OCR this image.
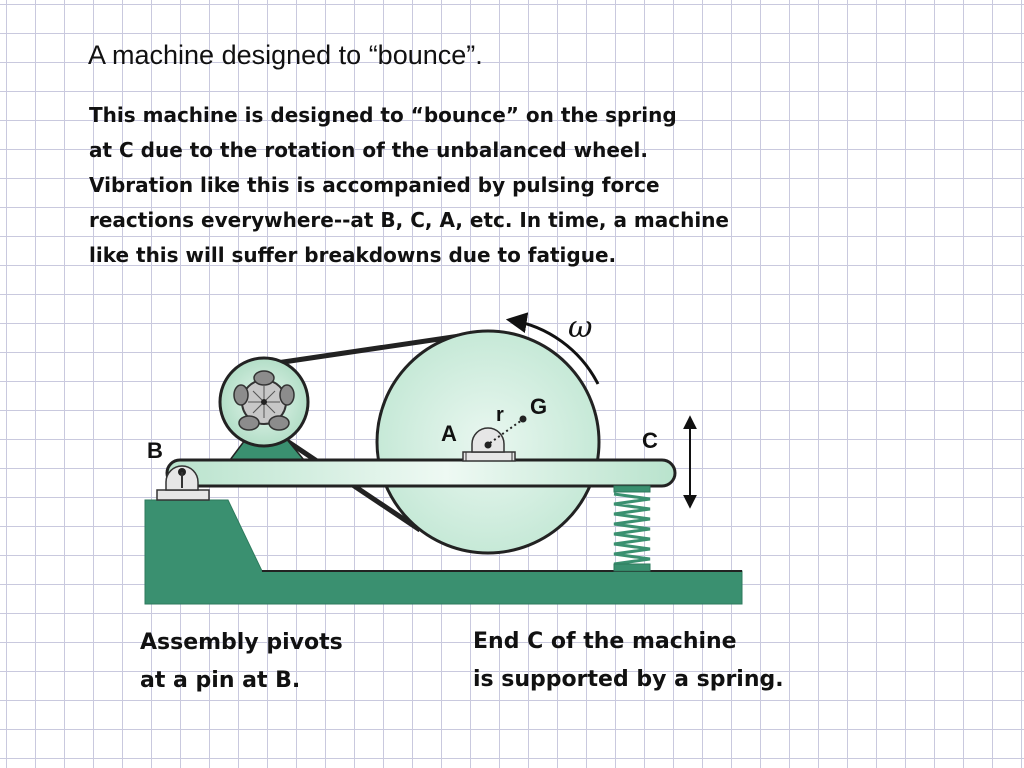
A machine designed to “bounce”.
This machine is designed to “bounce” on the spring
at C due to the rotation of the unbalanced wheel.
Vibration like this is accompanied by pulsing force
reactions everywhere--at B, C, A, etc. In time, a machine
like this will suffer breakdowns due to fatigue.
ω
B	C
A
r G
Assembly pivots
at a pin at B.
End C of the machine
is supported by a spring.
